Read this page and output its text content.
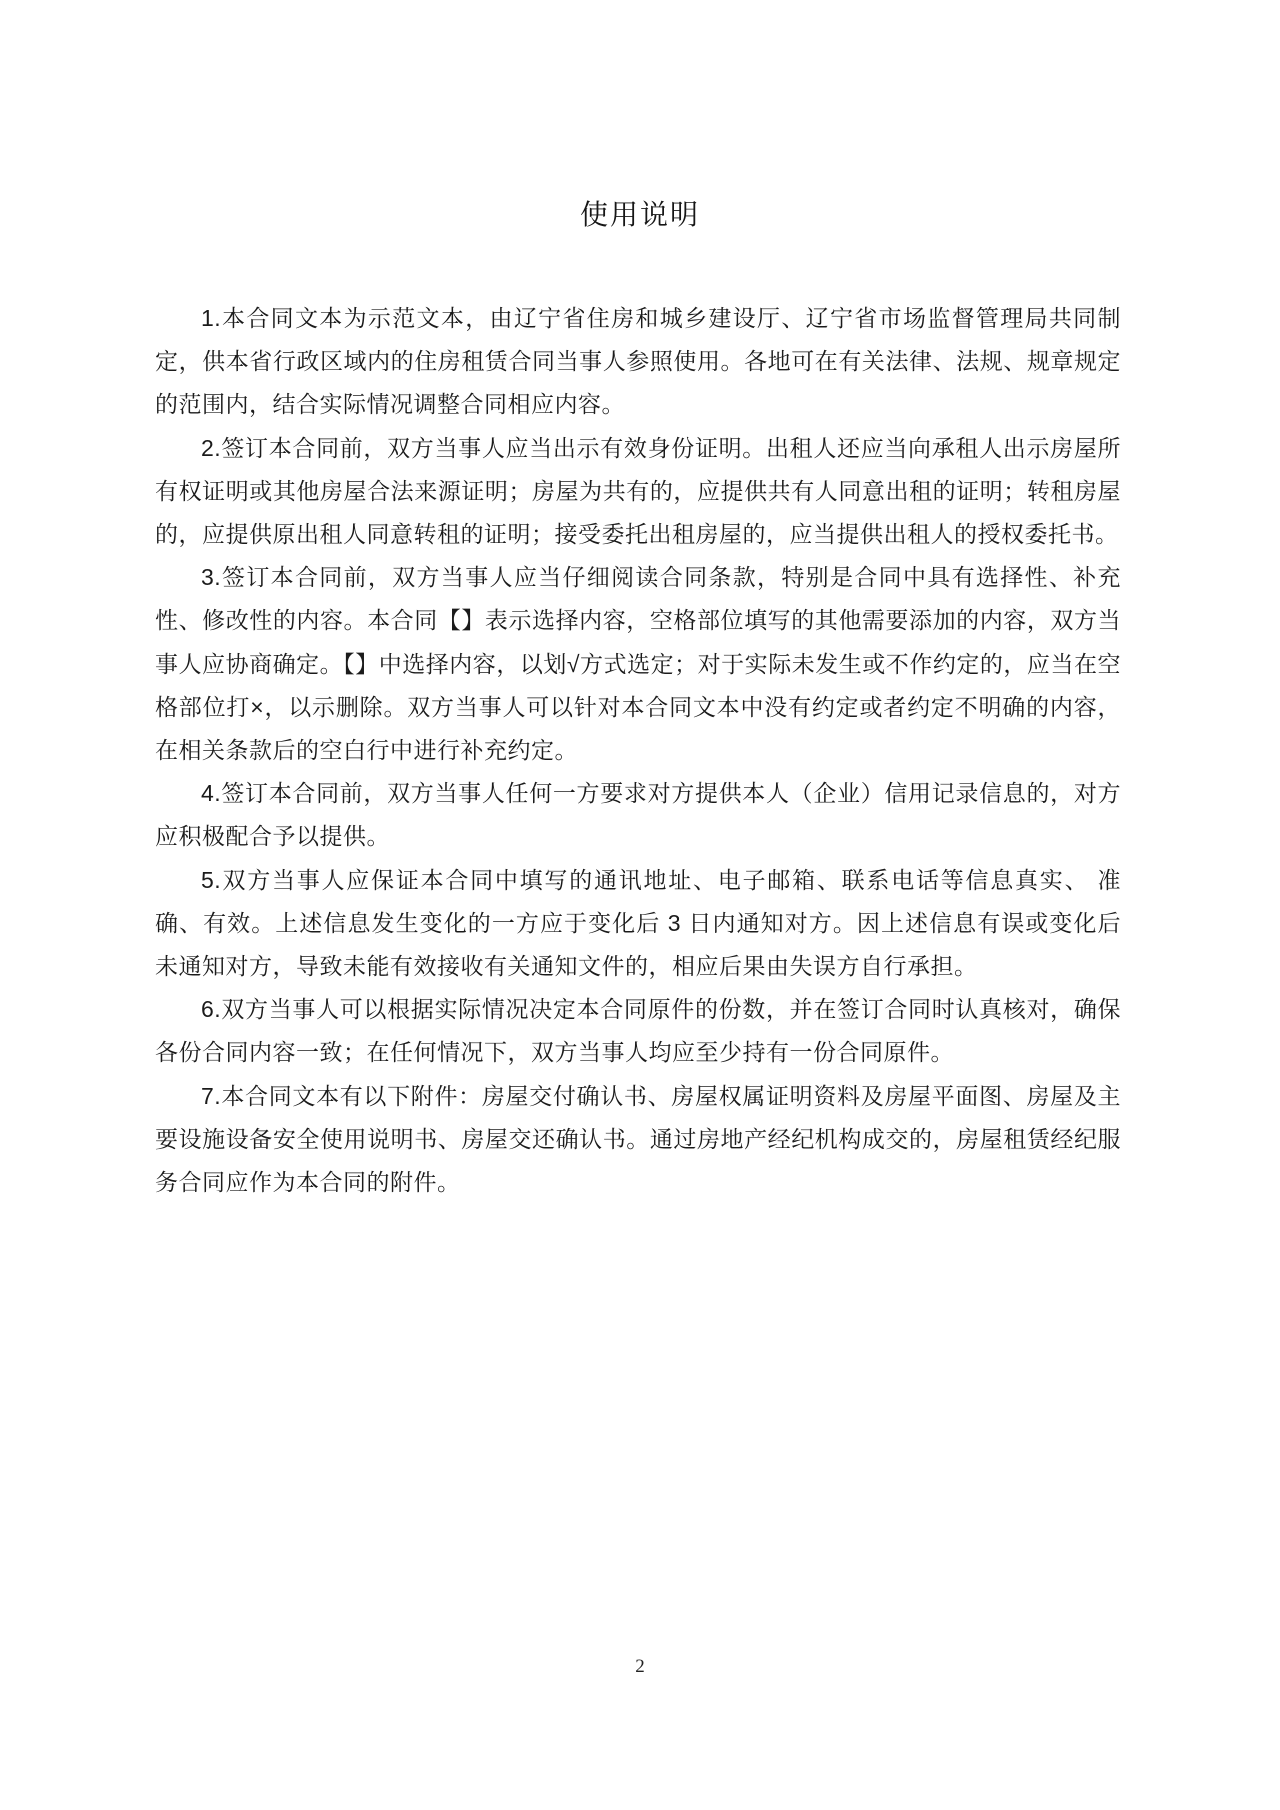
使用说明

1.本合同文本为示范文本，由辽宁省住房和城乡建设厅、辽宁省市场监督管理局共同制定，供本省行政区域内的住房租赁合同当事人参照使用。各地可在有关法律、法规、规章规定的范围内，结合实际情况调整合同相应内容。

2.签订本合同前，双方当事人应当出示有效身份证明。出租人还应当向承租人出示房屋所有权证明或其他房屋合法来源证明；房屋为共有的，应提供共有人同意出租的证明；转租房屋的，应提供原出租人同意转租的证明；接受委托出租房屋的，应当提供出租人的授权委托书。

3.签订本合同前，双方当事人应当仔细阅读合同条款，特别是合同中具有选择性、补充性、修改性的内容。本合同【】表示选择内容，空格部位填写的其他需要添加的内容，双方当事人应协商确定。【】中选择内容，以划√方式选定；对于实际未发生或不作约定的，应当在空格部位打×，以示删除。双方当事人可以针对本合同文本中没有约定或者约定不明确的内容，在相关条款后的空白行中进行补充约定。

4.签订本合同前，双方当事人任何一方要求对方提供本人（企业）信用记录信息的，对方应积极配合予以提供。

5.双方当事人应保证本合同中填写的通讯地址、电子邮箱、联系电话等信息真实、 准确、有效。上述信息发生变化的一方应于变化后 3 日内通知对方。因上述信息有误或变化后未通知对方，导致未能有效接收有关通知文件的，相应后果由失误方自行承担。

6.双方当事人可以根据实际情况决定本合同原件的份数，并在签订合同时认真核对，确保各份合同内容一致；在任何情况下，双方当事人均应至少持有一份合同原件。

7.本合同文本有以下附件：房屋交付确认书、房屋权属证明资料及房屋平面图、房屋及主要设施设备安全使用说明书、房屋交还确认书。通过房地产经纪机构成交的，房屋租赁经纪服务合同应作为本合同的附件。

2
